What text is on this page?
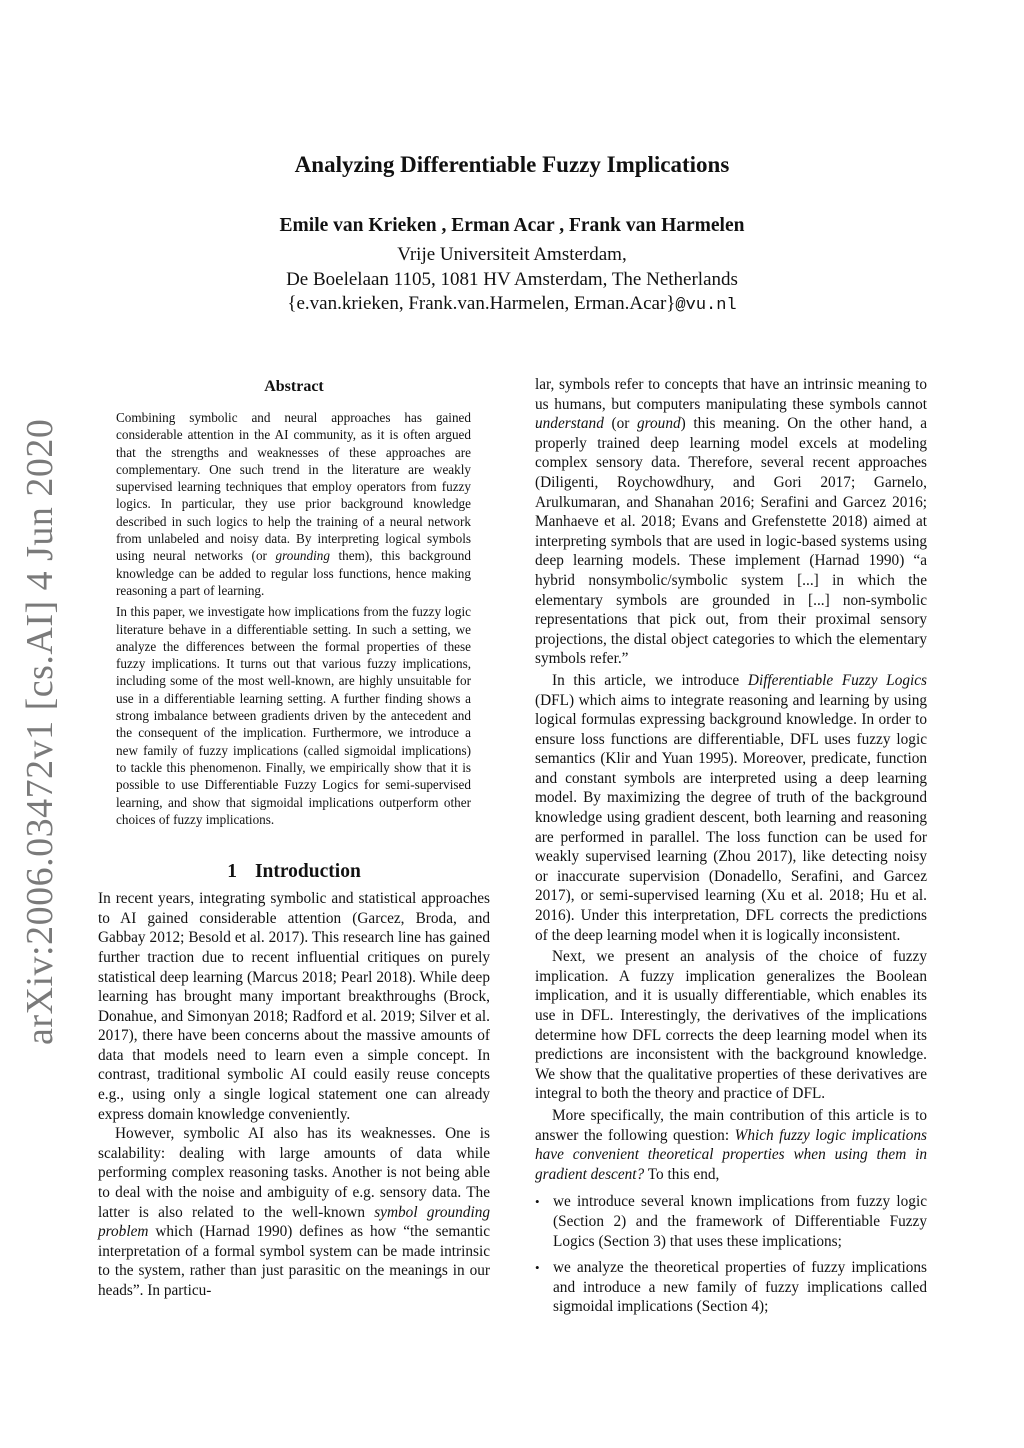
arXiv:2006.03472v1 [cs.AI] 4 Jun 2020
Analyzing Differentiable Fuzzy Implications
Emile van Krieken , Erman Acar , Frank van Harmelen
Vrije Universiteit Amsterdam,
De Boelelaan 1105, 1081 HV Amsterdam, The Netherlands
{e.van.krieken, Frank.van.Harmelen, Erman.Acar}@vu.nl
Abstract

Combining symbolic and neural approaches has gained considerable attention in the AI community, as it is often argued that the strengths and weaknesses of these approaches are complementary. One such trend in the literature are weakly supervised learning techniques that employ operators from fuzzy logics. In particular, they use prior background knowledge described in such logics to help the training of a neural network from unlabeled and noisy data. By interpreting logical symbols using neural networks (or grounding them), this background knowledge can be added to regular loss functions, hence making reasoning a part of learning.

In this paper, we investigate how implications from the fuzzy logic literature behave in a differentiable setting. In such a setting, we analyze the differences between the formal properties of these fuzzy implications. It turns out that various fuzzy implications, including some of the most well-known, are highly unsuitable for use in a differentiable learning setting. A further finding shows a strong imbalance between gradients driven by the antecedent and the consequent of the implication. Furthermore, we introduce a new family of fuzzy implications (called sigmoidal implications) to tackle this phenomenon. Finally, we empirically show that it is possible to use Differentiable Fuzzy Logics for semi-supervised learning, and show that sigmoidal implications outperform other choices of fuzzy implications.

1 Introduction

In recent years, integrating symbolic and statistical approaches to AI gained considerable attention (Garcez, Broda, and Gabbay 2012; Besold et al. 2017). This research line has gained further traction due to recent influential critiques on purely statistical deep learning (Marcus 2018; Pearl 2018). While deep learning has brought many important breakthroughs (Brock, Donahue, and Simonyan 2018; Radford et al. 2019; Silver et al. 2017), there have been concerns about the massive amounts of data that models need to learn even a simple concept. In contrast, traditional symbolic AI could easily reuse concepts e.g., using only a single logical statement one can already express domain knowledge conveniently.

However, symbolic AI also has its weaknesses. One is scalability: dealing with large amounts of data while performing complex reasoning tasks. Another is not being able to deal with the noise and ambiguity of e.g. sensory data. The latter is also related to the well-known symbol grounding problem which (Harnad 1990) defines as how “the semantic interpretation of a formal symbol system can be made intrinsic to the system, rather than just parasitic on the meanings in our heads”. In particu-

lar, symbols refer to concepts that have an intrinsic meaning to us humans, but computers manipulating these symbols cannot understand (or ground) this meaning. On the other hand, a properly trained deep learning model excels at modeling complex sensory data. Therefore, several recent approaches (Diligenti, Roychowdhury, and Gori 2017; Garnelo, Arulkumaran, and Shanahan 2016; Serafini and Garcez 2016; Manhaeve et al. 2018; Evans and Grefenstette 2018) aimed at interpreting symbols that are used in logic-based systems using deep learning models. These implement (Harnad 1990) “a hybrid nonsymbolic/symbolic system [...] in which the elementary symbols are grounded in [...] non-symbolic representations that pick out, from their proximal sensory projections, the distal object categories to which the elementary symbols refer.”

In this article, we introduce Differentiable Fuzzy Logics (DFL) which aims to integrate reasoning and learning by using logical formulas expressing background knowledge. In order to ensure loss functions are differentiable, DFL uses fuzzy logic semantics (Klir and Yuan 1995). Moreover, predicate, function and constant symbols are interpreted using a deep learning model. By maximizing the degree of truth of the background knowledge using gradient descent, both learning and reasoning are performed in parallel. The loss function can be used for weakly supervised learning (Zhou 2017), like detecting noisy or inaccurate supervision (Donadello, Serafini, and Garcez 2017), or semi-supervised learning (Xu et al. 2018; Hu et al. 2016). Under this interpretation, DFL corrects the predictions of the deep learning model when it is logically inconsistent.

Next, we present an analysis of the choice of fuzzy implication. A fuzzy implication generalizes the Boolean implication, and it is usually differentiable, which enables its use in DFL. Interestingly, the derivatives of the implications determine how DFL corrects the deep learning model when its predictions are inconsistent with the background knowledge. We show that the qualitative properties of these derivatives are integral to both the theory and practice of DFL.

More specifically, the main contribution of this article is to answer the following question: Which fuzzy logic implications have convenient theoretical properties when using them in gradient descent? To this end,

• we introduce several known implications from fuzzy logic (Section 2) and the framework of Differentiable Fuzzy Logics (Section 3) that uses these implications;
• we analyze the theoretical properties of fuzzy implications and introduce a new family of fuzzy implications called sigmoidal implications (Section 4);
